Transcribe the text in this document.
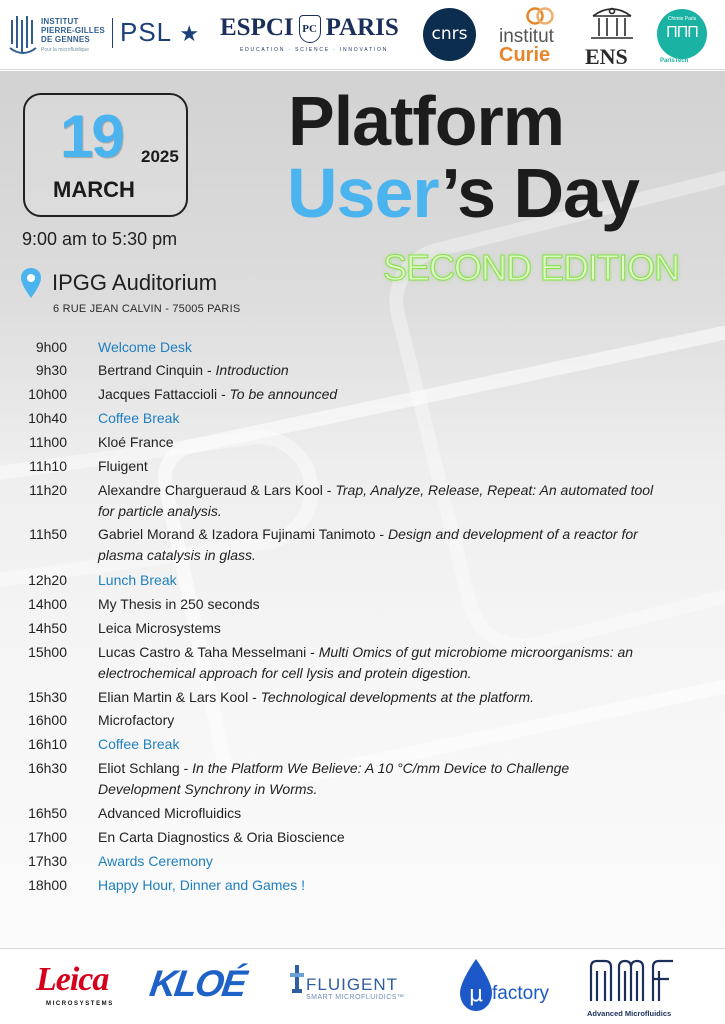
INSTITUT
PIERRE-GILLES
DE GENNES
Pour la microfluidique
PSL ★ ESPCI PC PARIS
EDUCATION · SCIENCE · INNOVATION
cnrs	institut
Curie ENS
Chimie Paris
ΠΠΠ
ParisTech
19 2025
MARCH
9:00 am to 5:30 pm
Platform
User’s Day
SECOND EDITION
IPGG Auditorium
6 RUE JEAN CALVIN - 75005 PARIS
9h00 Welcome Desk
9h30 Bertrand Cinquin - Introduction
10h00 Jacques Fattaccioli - To be announced
10h40 Coffee Break
11h00 Kloé France
11h10 Fluigent
11h20 Alexandre Chargueraud & Lars Kool - Trap, Analyze, Release, Repeat: An automated tool for particle analysis.
11h50 Gabriel Morand & Izadora Fujinami Tanimoto - Design and development of a reactor for plasma catalysis in glass.
12h20 Lunch Break
14h00 My Thesis in 250 seconds
14h50 Leica Microsystems
15h00 Lucas Castro & Taha Messelmani - Multi Omics of gut microbiome microorganisms: an electrochemical approach for cell lysis and protein digestion.
15h30 Elian Martin & Lars Kool - Technological developments at the platform.
16h00 Microfactory
16h10 Coffee Break
16h30 Eliot Schlang - In the Platform We Believe: A 10 °C/mm Device to Challenge Development Synchrony in Worms.
16h50 Advanced Microfluidics
17h00 En Carta Diagnostics & Oria Bioscience
17h30 Awards Ceremony
18h00 Happy Hour, Dinner and Games !
Leica
MICROSYSTEMS KLOÉ	FLUIGENT
SMART MICROFLUIDICS™	μ factory
Advanced Microfluidics
